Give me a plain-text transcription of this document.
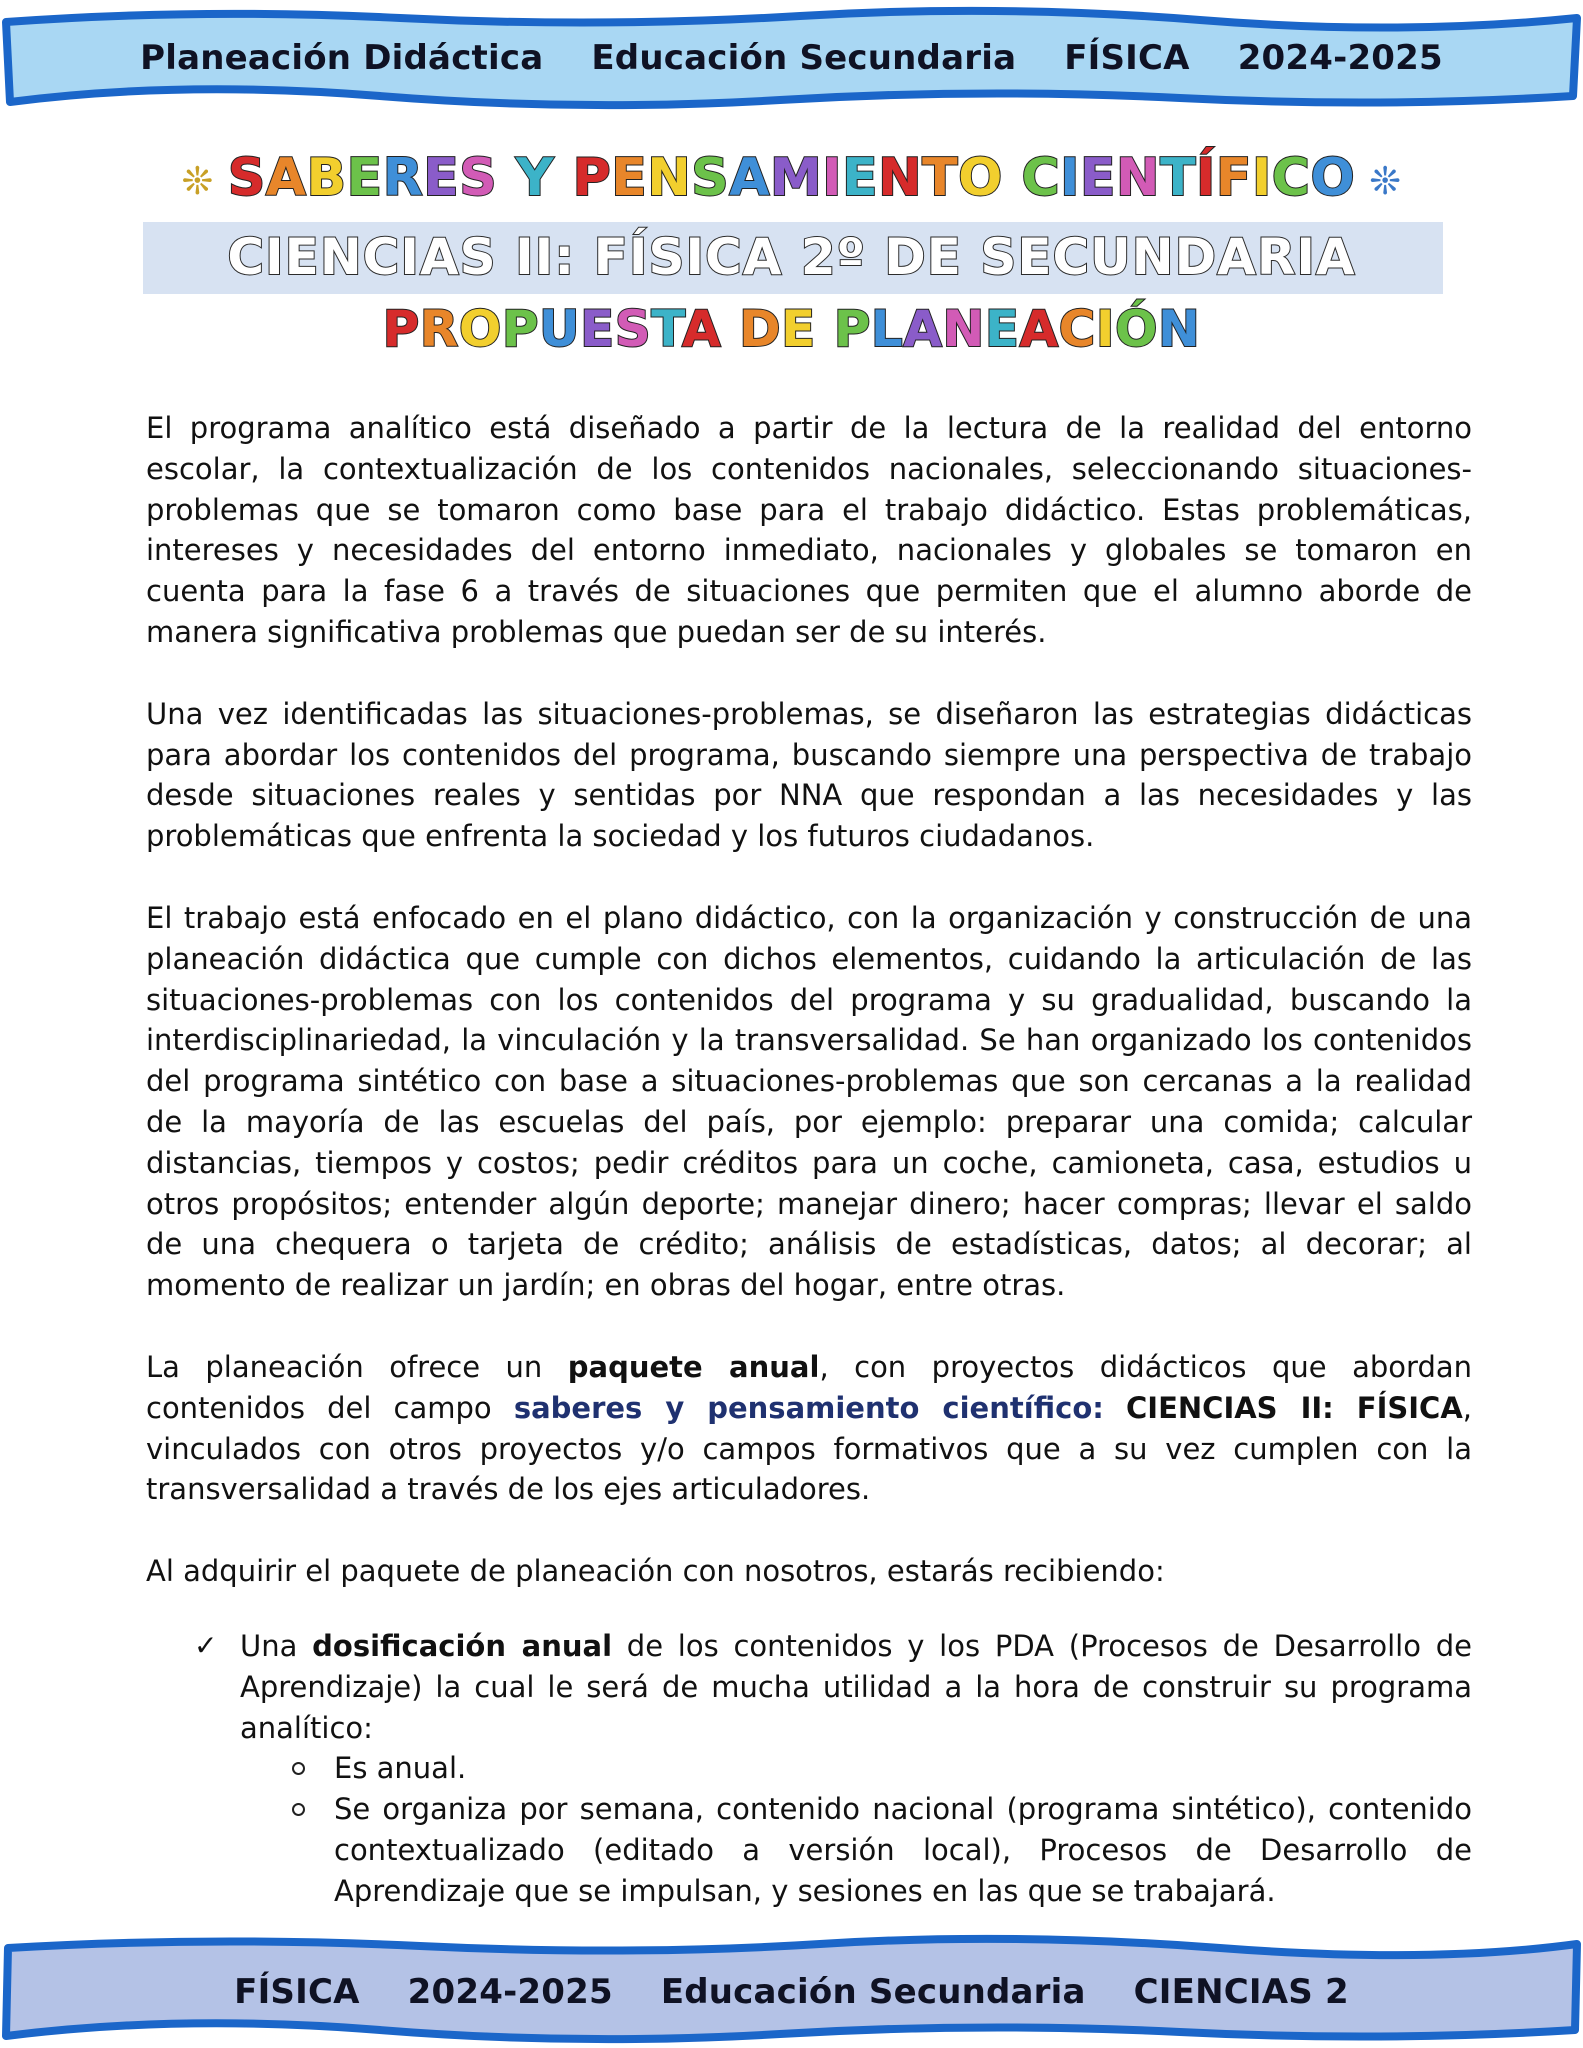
Planeación Didáctica Educación Secundaria FÍSICA 2024-2025
❊ SABERES Y PENSAMIENTO CIENTÍFICO ❊
CIENCIAS II: FÍSICA 2º DE SECUNDARIA
PROPUESTA DE PLANEACIÓN

El programa analítico está diseñado a partir de la lectura de la realidad del entorno escolar, la contextualización de los contenidos nacionales, seleccionando situaciones-problemas que se tomaron como base para el trabajo didáctico. Estas problemáticas, intereses y necesidades del entorno inmediato, nacionales y globales se tomaron en cuenta para la fase 6 a través de situaciones que permiten que el alumno aborde de manera significativa problemas que puedan ser de su interés.

Una vez identificadas las situaciones-problemas, se diseñaron las estrategias didácticas para abordar los contenidos del programa, buscando siempre una perspectiva de trabajo desde situaciones reales y sentidas por NNA que respondan a las necesidades y las problemáticas que enfrenta la sociedad y los futuros ciudadanos.

El trabajo está enfocado en el plano didáctico, con la organización y construcción de una planeación didáctica que cumple con dichos elementos, cuidando la articulación de las situaciones-problemas con los contenidos del programa y su gradualidad, buscando la interdisciplinariedad, la vinculación y la transversalidad. Se han organizado los contenidos del programa sintético con base a situaciones-problemas que son cercanas a la realidad de la mayoría de las escuelas del país, por ejemplo: preparar una comida; calcular distancias, tiempos y costos; pedir créditos para un coche, camioneta, casa, estudios u otros propósitos; entender algún deporte; manejar dinero; hacer compras; llevar el saldo de una chequera o tarjeta de crédito; análisis de estadísticas, datos; al decorar; al momento de realizar un jardín; en obras del hogar, entre otras.

La planeación ofrece un paquete anual, con proyectos didácticos que abordan contenidos del campo saberes y pensamiento científico: CIENCIAS II: FÍSICA, vinculados con otros proyectos y/o campos formativos que a su vez cumplen con la transversalidad a través de los ejes articuladores.

Al adquirir el paquete de planeación con nosotros, estarás recibiendo:

✓ Una dosificación anual de los contenidos y los PDA (Procesos de Desarrollo de Aprendizaje) la cual le será de mucha utilidad a la hora de construir su programa analítico:
Es anual.
Se organiza por semana, contenido nacional (programa sintético), contenido contextualizado (editado a versión local), Procesos de Desarrollo de Aprendizaje que se impulsan, y sesiones en las que se trabajará.
FÍSICA 2024-2025 Educación Secundaria CIENCIAS 2
